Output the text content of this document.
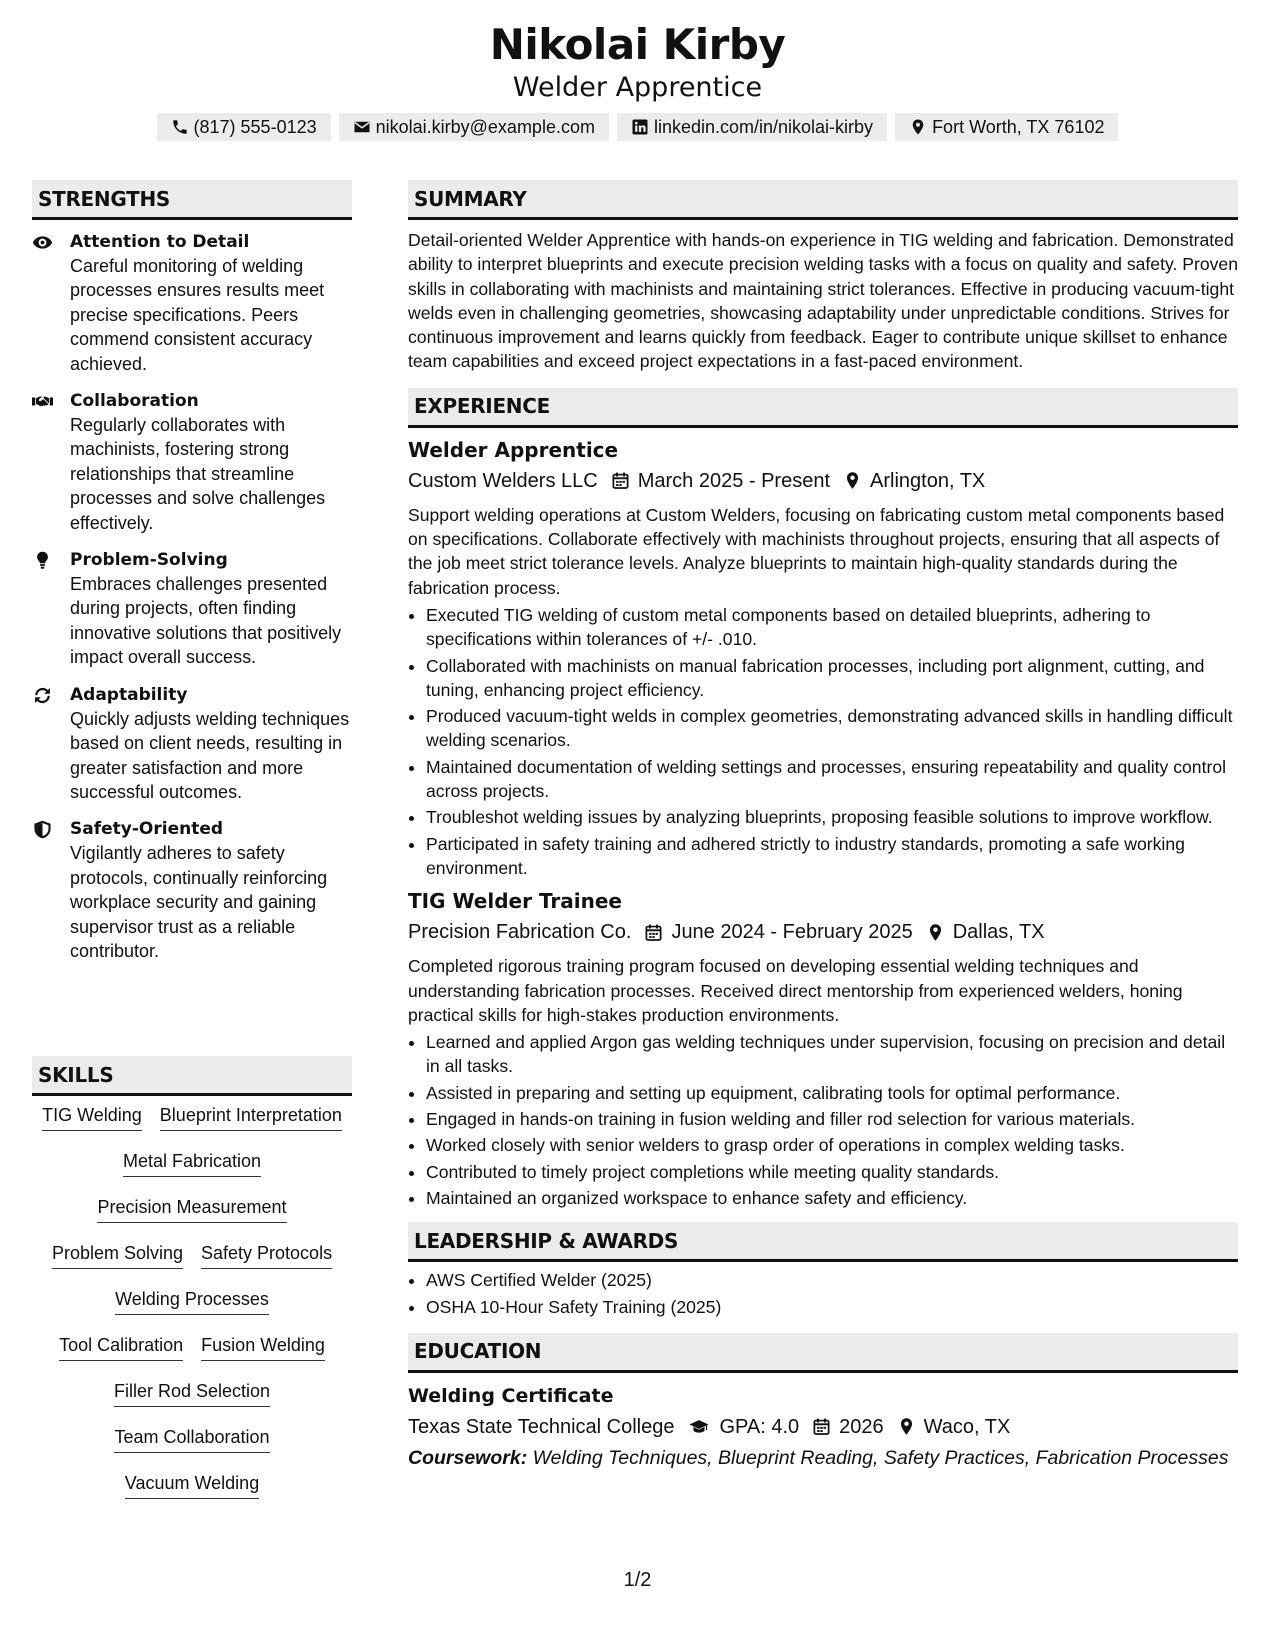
Nikolai Kirby
Welder Apprentice
(817) 555-0123	nikolai.kirby@example.com	linkedin.com/in/nikolai-kirby	Fort Worth, TX 76102
STRENGTHS
Attention to Detail
Careful monitoring of welding processes ensures results meet precise specifications. Peers commend consistent accuracy achieved.
Collaboration
Regularly collaborates with machinists, fostering strong relationships that streamline processes and solve challenges effectively.
Problem-Solving
Embraces challenges presented during projects, often finding innovative solutions that positively impact overall success.
Adaptability
Quickly adjusts welding techniques based on client needs, resulting in greater satisfaction and more successful outcomes.
Safety-Oriented
Vigilantly adheres to safety protocols, continually reinforcing workplace security and gaining supervisor trust as a reliable contributor.
SKILLS
TIG Welding Blueprint Interpretation
Metal Fabrication
Precision Measurement
Problem Solving Safety Protocols
Welding Processes
Tool Calibration Fusion Welding
Filler Rod Selection
Team Collaboration
Vacuum Welding
SUMMARY

Detail-oriented Welder Apprentice with hands-on experience in TIG welding and fabrication. Demonstrated ability to interpret blueprints and execute precision welding tasks with a focus on quality and safety. Proven skills in collaborating with machinists and maintaining strict tolerances. Effective in producing vacuum-tight welds even in challenging geometries, showcasing adaptability under unpredictable conditions. Strives for continuous improvement and learns quickly from feedback. Eager to contribute unique skillset to enhance team capabilities and exceed project expectations in a fast-paced environment.

EXPERIENCE
Welder Apprentice
Custom Welders LLC March 2025 - Present Arlington, TX

Support welding operations at Custom Welders, focusing on fabricating custom metal components based on specifications. Collaborate effectively with machinists throughout projects, ensuring that all aspects of the job meet strict tolerance levels. Analyze blueprints to maintain high-quality standards during the fabrication process.

• Executed TIG welding of custom metal components based on detailed blueprints, adhering to specifications within tolerances of +/- .010.
• Collaborated with machinists on manual fabrication processes, including port alignment, cutting, and tuning, enhancing project efficiency.
• Produced vacuum-tight welds in complex geometries, demonstrating advanced skills in handling difficult welding scenarios.
• Maintained documentation of welding settings and processes, ensuring repeatability and quality control across projects.
• Troubleshot welding issues by analyzing blueprints, proposing feasible solutions to improve workflow.
• Participated in safety training and adhered strictly to industry standards, promoting a safe working environment.
TIG Welder Trainee
Precision Fabrication Co. June 2024 - February 2025 Dallas, TX

Completed rigorous training program focused on developing essential welding techniques and understanding fabrication processes. Received direct mentorship from experienced welders, honing practical skills for high-stakes production environments.

• Learned and applied Argon gas welding techniques under supervision, focusing on precision and detail in all tasks.
• Assisted in preparing and setting up equipment, calibrating tools for optimal performance.
• Engaged in hands-on training in fusion welding and filler rod selection for various materials.
• Worked closely with senior welders to grasp order of operations in complex welding tasks.
• Contributed to timely project completions while meeting quality standards.
• Maintained an organized workspace to enhance safety and efficiency.
LEADERSHIP & AWARDS
• AWS Certified Welder (2025)
• OSHA 10-Hour Safety Training (2025)
EDUCATION
Welding Certificate
Texas State Technical College GPA: 4.0 2026 Waco, TX
Coursework: Welding Techniques, Blueprint Reading, Safety Practices, Fabrication Processes
1/2
